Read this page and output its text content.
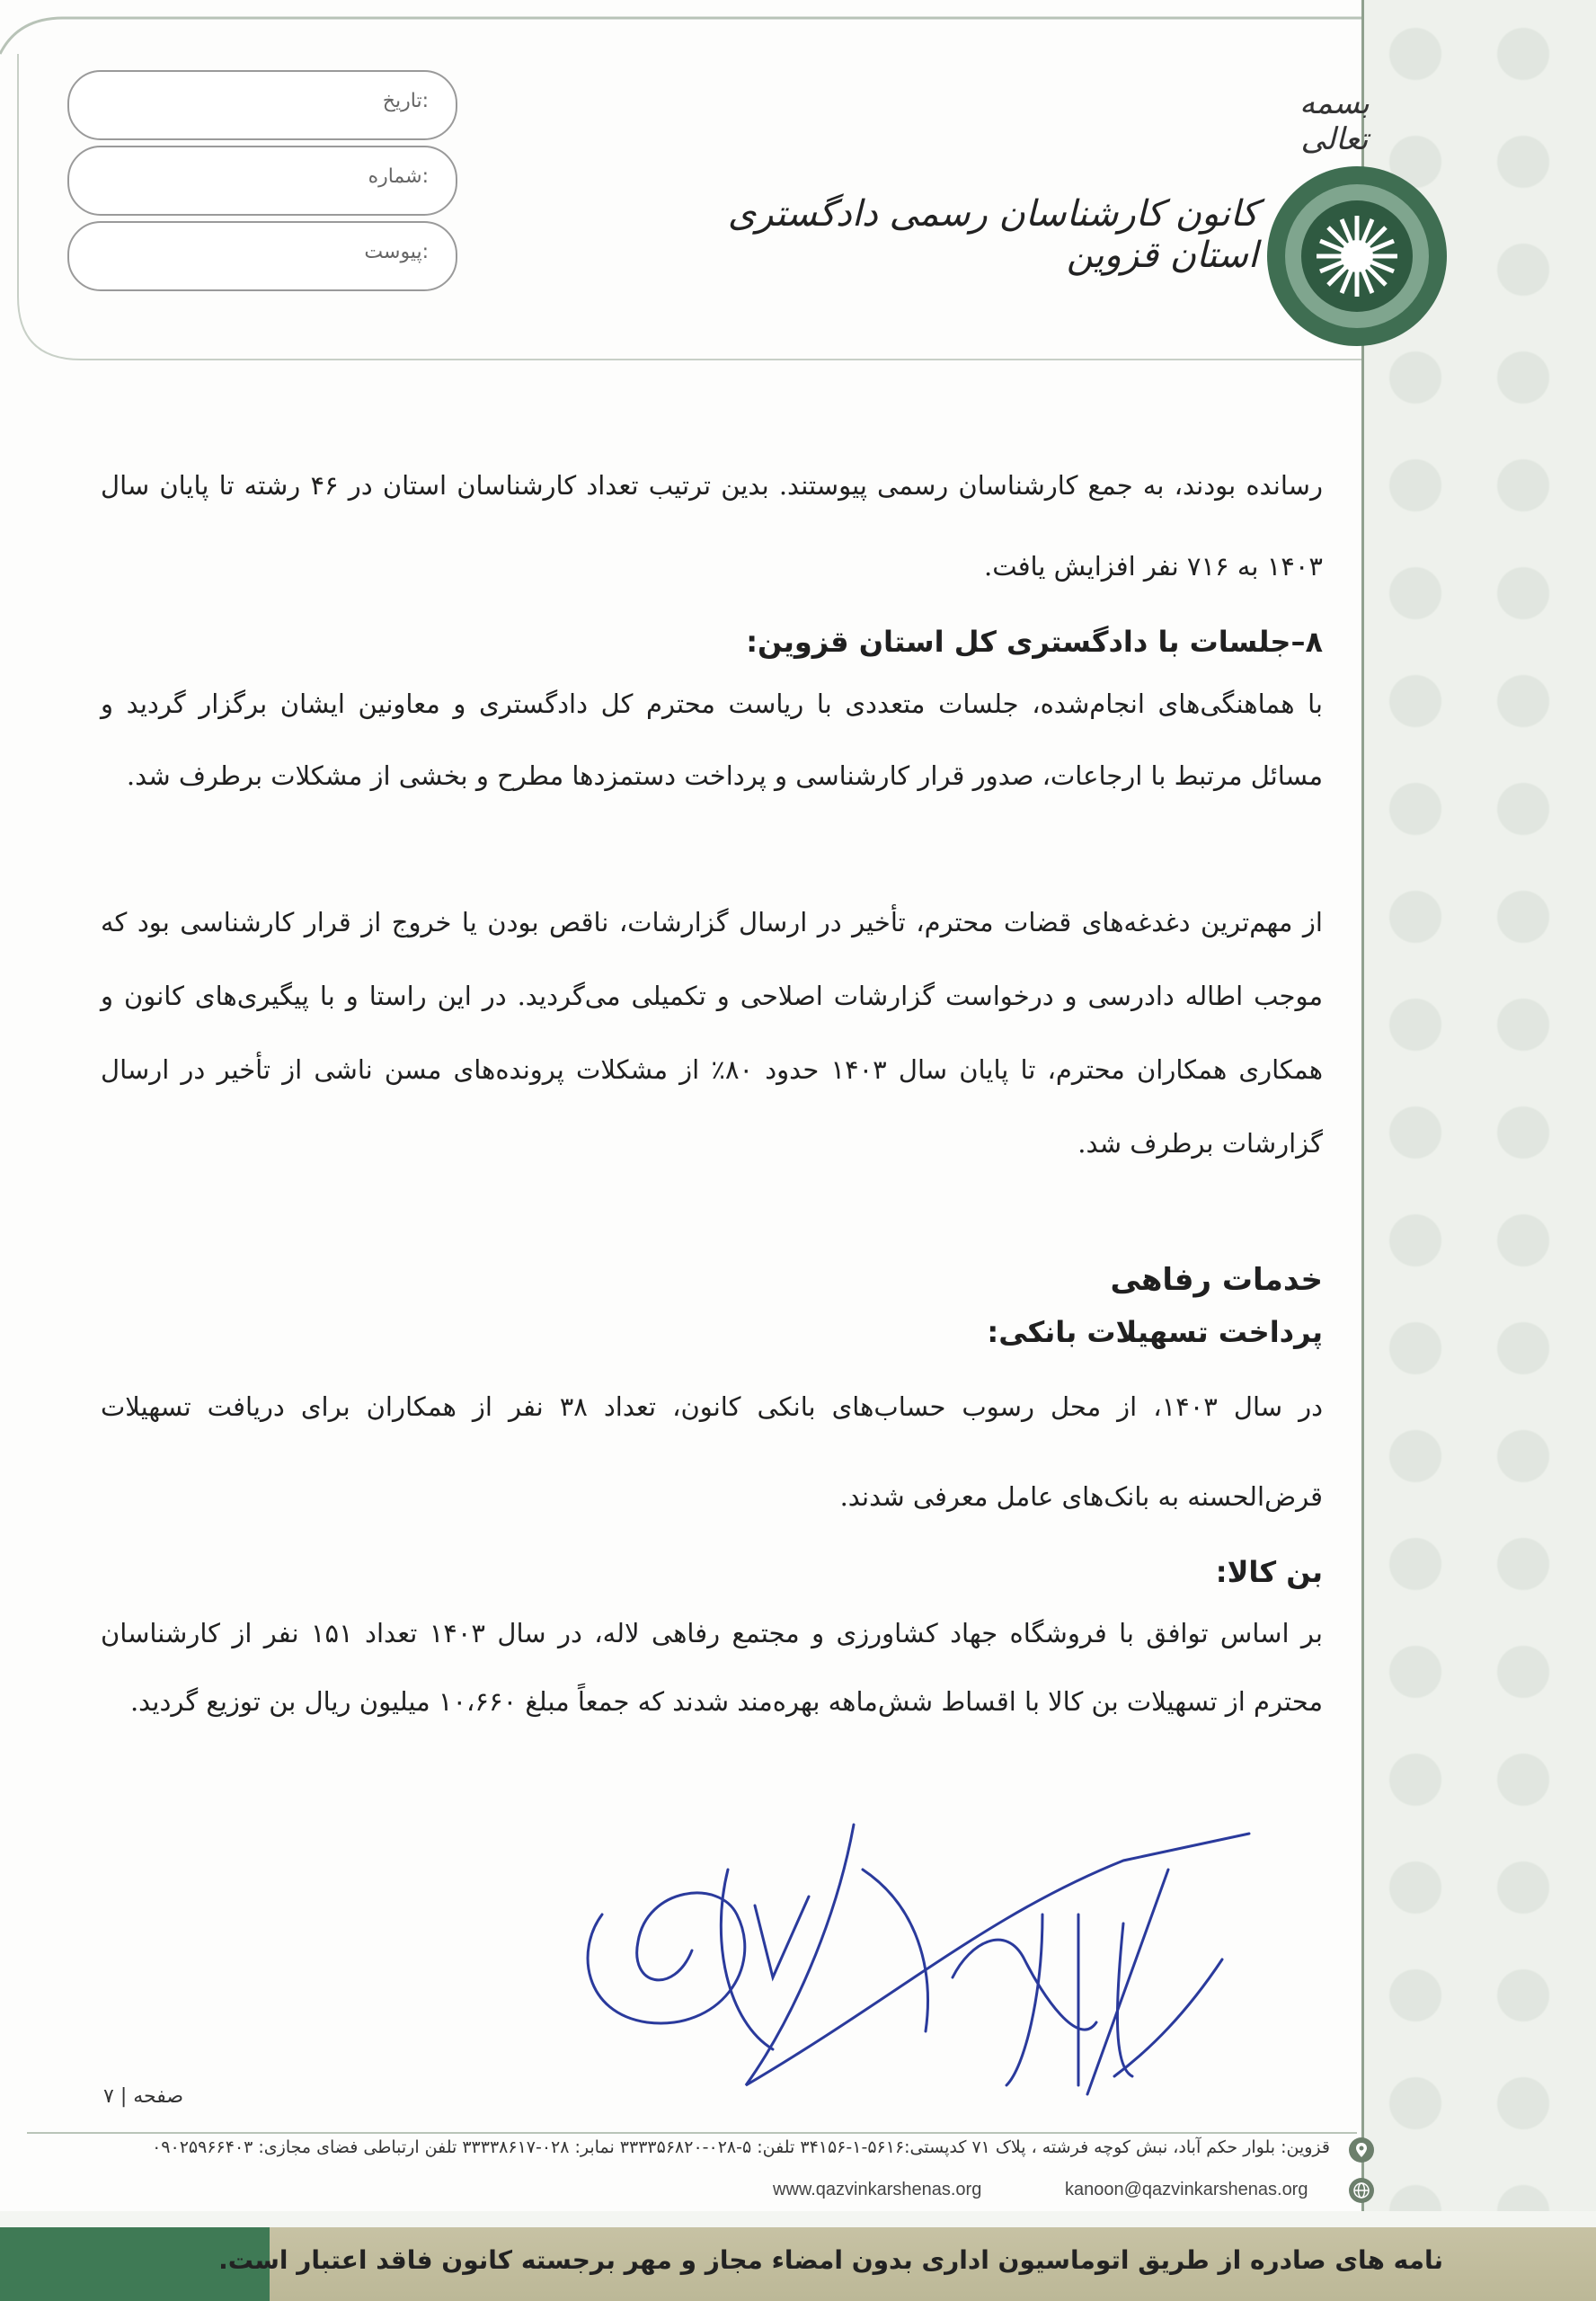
تاریخ:
شماره:
پیوست:
بسمه تعالی
کانون کارشناسان رسمی دادگستری استان قزوین

رسانده بودند، به جمع کارشناسان رسمی پیوستند. بدین ترتیب تعداد کارشناسان استان در ۴۶ رشته تا پایان سال ۱۴۰۳ به ۷۱۶ نفر افزایش یافت.

۸–جلسات با دادگستری کل استان قزوین:

با هماهنگی‌های انجام‌شده، جلسات متعددی با ریاست محترم کل دادگستری و معاونین ایشان برگزار گردید و مسائل مرتبط با ارجاعات، صدور قرار کارشناسی و پرداخت دستمزدها مطرح و بخشی از مشکلات برطرف شد.

از مهم‌ترین دغدغه‌های قضات محترم، تأخیر در ارسال گزارشات، ناقص بودن یا خروج از قرار کارشناسی بود که موجب اطاله دادرسی و درخواست گزارشات اصلاحی و تکمیلی می‌گردید. در این راستا و با پیگیری‌های کانون و همکاری همکاران محترم، تا پایان سال ۱۴۰۳ حدود ۸۰٪ از مشکلات پرونده‌های مسن ناشی از تأخیر در ارسال گزارشات برطرف شد.

خدمات رفاهی

پرداخت تسهیلات بانکی:

در سال ۱۴۰۳، از محل رسوب حساب‌های بانکی کانون، تعداد ۳۸ نفر از همکاران برای دریافت تسهیلات قرض‌الحسنه به بانک‌های عامل معرفی شدند.

بن کالا:

بر اساس توافق با فروشگاه جهاد کشاورزی و مجتمع رفاهی لاله، در سال ۱۴۰۳ تعداد ۱۵۱ نفر از کارشناسان محترم از تسهیلات بن کالا با اقساط شش‌ماهه بهره‌مند شدند که جمعاً مبلغ ۱۰،۶۶۰ میلیون ریال بن توزیع گردید.

صفحه | ۷
قزوین: بلوار حکم آباد، نبش کوچه فرشته ، پلاک ۷۱ کدپستی:۵۶۱۶-۱-۳۴۱۵۶ تلفن: ۵-۰۲۸-۳۳۳۳۵۶۸۲۰ نمابر: ۰۲۸-۳۳۳۳۸۶۱۷ تلفن ارتباطی فضای مجازی: ۰۹۰۲۵۹۶۶۴۰۳
www.qazvinkarshenas.org	kanoon@qazvinkarshenas.org
نامه های صادره از طریق اتوماسیون اداری بدون امضاء مجاز و مهر برجسته کانون فاقد اعتبار است.
